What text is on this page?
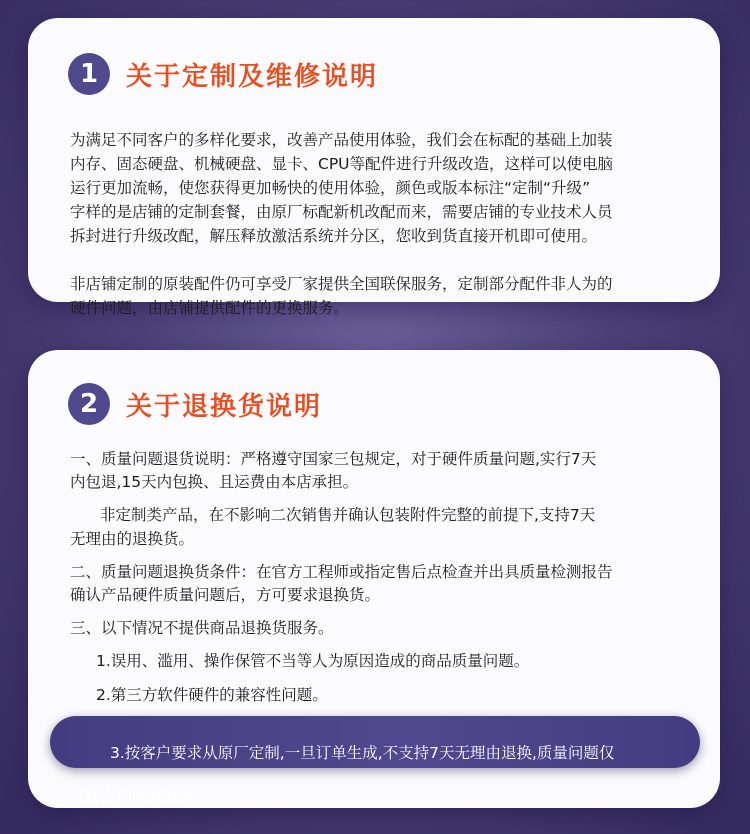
1	关于定制及维修说明

为满足不同客户的多样化要求，改善产品使用体验，我们会在标配的基础上加装
内存、固态硬盘、机械硬盘、显卡、CPU等配件进行升级改造，这样可以使电脑
运行更加流畅，使您获得更加畅快的使用体验，颜色或版本标注“定制“升级”
字样的是店铺的定制套餐，由原厂标配新机改配而来，需要店铺的专业技术人员
拆封进行升级改配，解压释放激活系统并分区，您收到货直接开机即可使用。

非店铺定制的原装配件仍可享受厂家提供全国联保服务，定制部分配件非人为的
硬件问题，由店铺提供配件的更换服务。

2	关于退换货说明

一、质量问题退货说明：严格遵守国家三包规定，对于硬件质量问题,实行7天
内包退,15天内包换、且运费由本店承担。

非定制类产品，在不影响二次销售并确认包装附件完整的前提下,支持7天

无理由的退换货。

二、质量问题退换货条件：在官方工程师或指定售后点检查并出具质量检测报告
确认产品硬件质量问题后，方可要求退换货。

三、以下情况不提供商品退换货服务。

1.误用、滥用、操作保管不当等人为原因造成的商品质量问题。

2.第三方软件硬件的兼容性问题。

3.按客户要求从原厂定制,一旦订单生成,不支持7天无理由退换,质量问题仅

支持上门维修服务。
